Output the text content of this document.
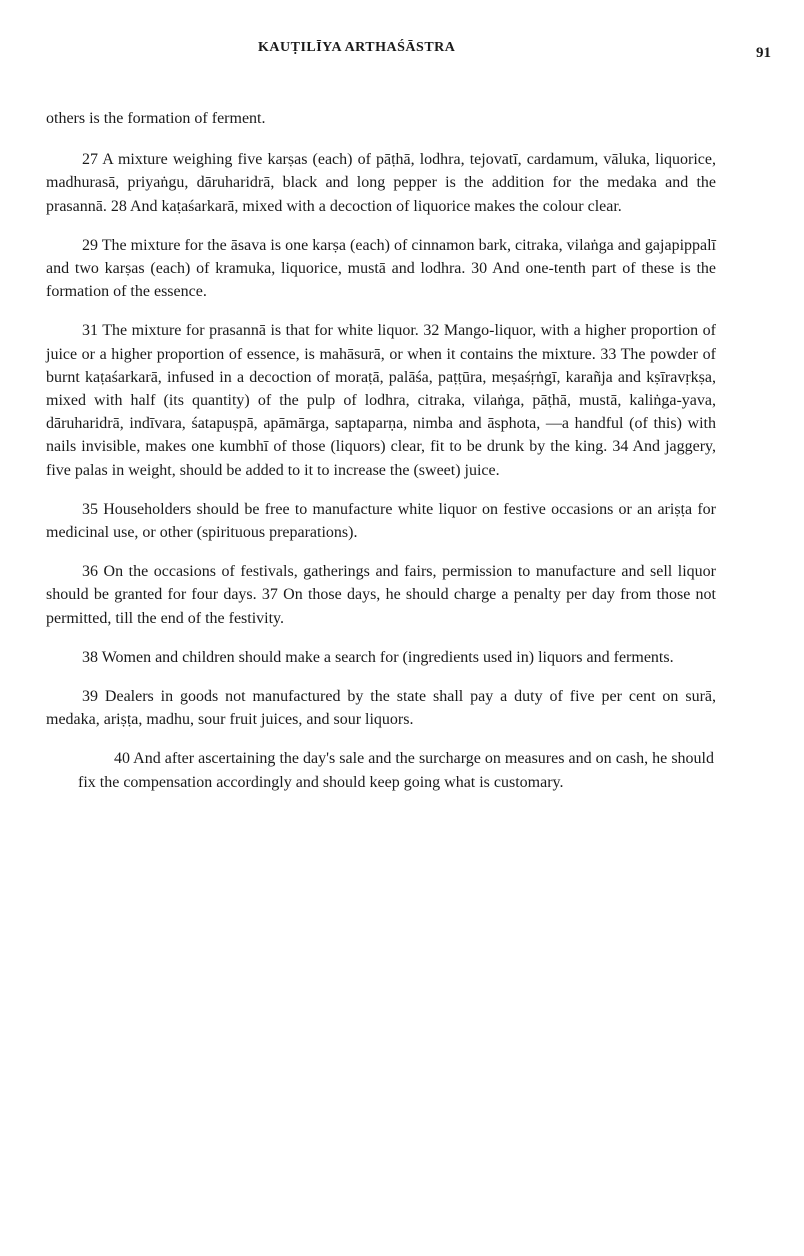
KAUṬILĪYA ARTHAŚĀSTRA	91

others is the formation of ferment.

27 A mixture weighing five karṣas (each) of pāṭhā, lodhra, tejovatī, cardamum, vāluka, liquorice, madhurasā, priyaṅgu, dāruharidrā, black and long pepper is the addition for the medaka and the prasannā. 28 And kaṭaśarkarā, mixed with a decoction of liquorice makes the colour clear.

29 The mixture for the āsava is one karṣa (each) of cinnamon bark, citraka, vilaṅga and gajapippalī and two karṣas (each) of kramuka, liquorice, mustā and lodhra. 30 And one-tenth part of these is the formation of the essence.

31 The mixture for prasannā is that for white liquor. 32 Mango-liquor, with a higher proportion of juice or a higher proportion of essence, is mahāsurā, or when it contains the mixture. 33 The powder of burnt kaṭaśarkarā, infused in a decoction of moraṭā, palāśa, paṭṭūra, meṣaśṛṅgī, karañja and kṣīravṛkṣa, mixed with half (its quantity) of the pulp of lodhra, citraka, vilaṅga, pāṭhā, mustā, kaliṅga-yava, dāruharidrā, indīvara, śatapuṣpā, apāmārga, saptaparṇa, nimba and āsphota, —a handful (of this) with nails invisible, makes one kumbhī of those (liquors) clear, fit to be drunk by the king. 34 And jaggery, five palas in weight, should be added to it to increase the (sweet) juice.

35 Householders should be free to manufacture white liquor on festive occasions or an ariṣṭa for medicinal use, or other (spirituous preparations).

36 On the occasions of festivals, gatherings and fairs, permission to manufacture and sell liquor should be granted for four days. 37 On those days, he should charge a penalty per day from those not permitted, till the end of the festivity.

38 Women and children should make a search for (ingredients used in) liquors and ferments.

39 Dealers in goods not manufactured by the state shall pay a duty of five per cent on surā, medaka, ariṣṭa, madhu, sour fruit juices, and sour liquors.

40 And after ascertaining the day's sale and the surcharge on measures and on cash, he should fix the compensation accordingly and should keep going what is customary.
